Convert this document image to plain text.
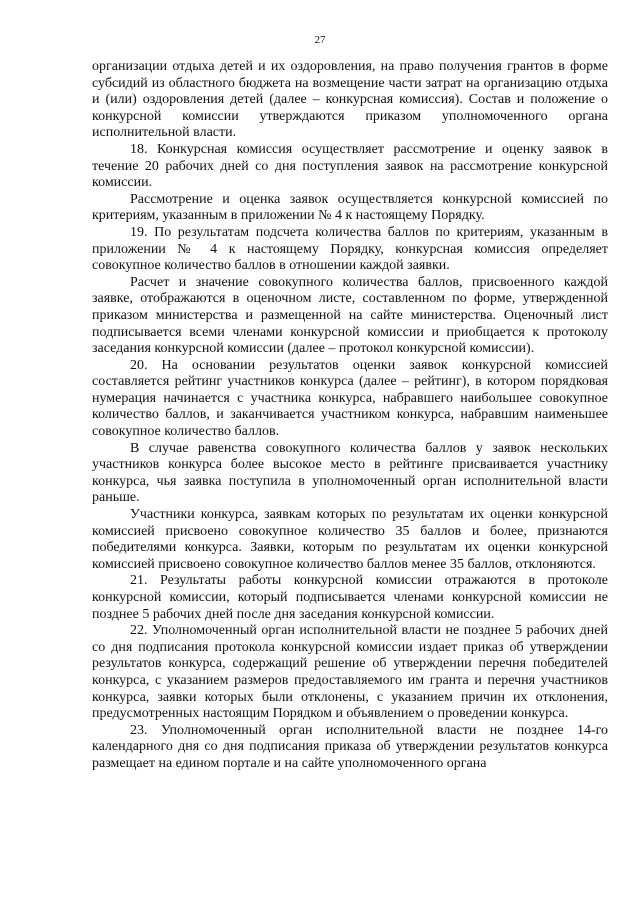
27

организации отдыха детей и их оздоровления, на право получения грантов в форме субсидий из областного бюджета на возмещение части затрат на организацию отдыха и (или) оздоровления детей (далее – конкурсная комиссия). Состав и положение о конкурсной комиссии утверждаются приказом уполномоченного органа исполнительной власти.

18. Конкурсная комиссия осуществляет рассмотрение и оценку заявок в течение 20 рабочих дней со дня поступления заявок на рассмотрение конкурсной комиссии.

Рассмотрение и оценка заявок осуществляется конкурсной комиссией по критериям, указанным в приложении № 4 к настоящему Порядку.

19. По результатам подсчета количества баллов по критериям, указанным в приложении № 4 к настоящему Порядку, конкурсная комиссия определяет совокупное количество баллов в отношении каждой заявки.

Расчет и значение совокупного количества баллов, присвоенного каждой заявке, отображаются в оценочном листе, составленном по форме, утвержденной приказом министерства и размещенной на сайте министерства. Оценочный лист подписывается всеми членами конкурсной комиссии и приобщается к протоколу заседания конкурсной комиссии (далее – протокол конкурсной комиссии).

20. На основании результатов оценки заявок конкурсной комиссией составляется рейтинг участников конкурса (далее – рейтинг), в котором порядковая нумерация начинается с участника конкурса, набравшего наибольшее совокупное количество баллов, и заканчивается участником конкурса, набравшим наименьшее совокупное количество баллов.

В случае равенства совокупного количества баллов у заявок нескольких участников конкурса более высокое место в рейтинге присваивается участнику конкурса, чья заявка поступила в уполномоченный орган исполнительной власти раньше.

Участники конкурса, заявкам которых по результатам их оценки конкурсной комиссией присвоено совокупное количество 35 баллов и более, признаются победителями конкурса. Заявки, которым по результатам их оценки конкурсной комиссией присвоено совокупное количество баллов менее 35 баллов, отклоняются.

21. Результаты работы конкурсной комиссии отражаются в протоколе конкурсной комиссии, который подписывается членами конкурсной комиссии не позднее 5 рабочих дней после дня заседания конкурсной комиссии.

22. Уполномоченный орган исполнительной власти не позднее 5 рабочих дней со дня подписания протокола конкурсной комиссии издает приказ об утверждении результатов конкурса, содержащий решение об утверждении перечня победителей конкурса, с указанием размеров предоставляемого им гранта и перечня участников конкурса, заявки которых были отклонены, с указанием причин их отклонения, предусмотренных настоящим Порядком и объявлением о проведении конкурса.

23. Уполномоченный орган исполнительной власти не позднее 14-го календарного дня со дня подписания приказа об утверждении результатов конкурса размещает на едином портале и на сайте уполномоченного органа
